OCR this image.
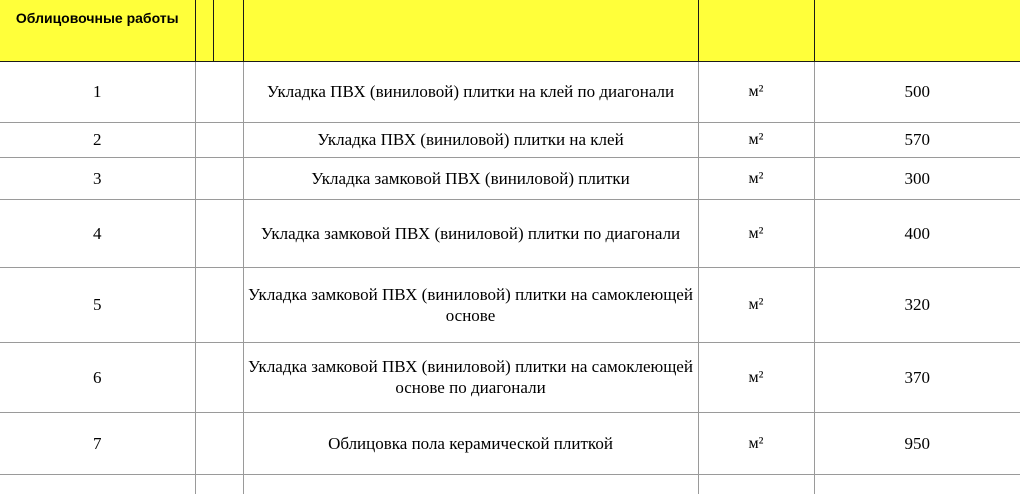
Облицовочные работы					
1			Укладка ПВХ (виниловой) плитки на клей по диагонали	м²	500
2			Укладка ПВХ (виниловой) плитки на клей	м²	570
3			Укладка замковой ПВХ (виниловой) плитки	м²	300
4			Укладка замковой ПВХ (виниловой) плитки по диагонали	м²	400
5			Укладка замковой ПВХ (виниловой) плитки на самоклеющей основе	м²	320
6			Укладка замковой ПВХ (виниловой) плитки на самоклеющей основе по диагонали	м²	370
7			Облицовка пола керамической плиткой	м²	950
